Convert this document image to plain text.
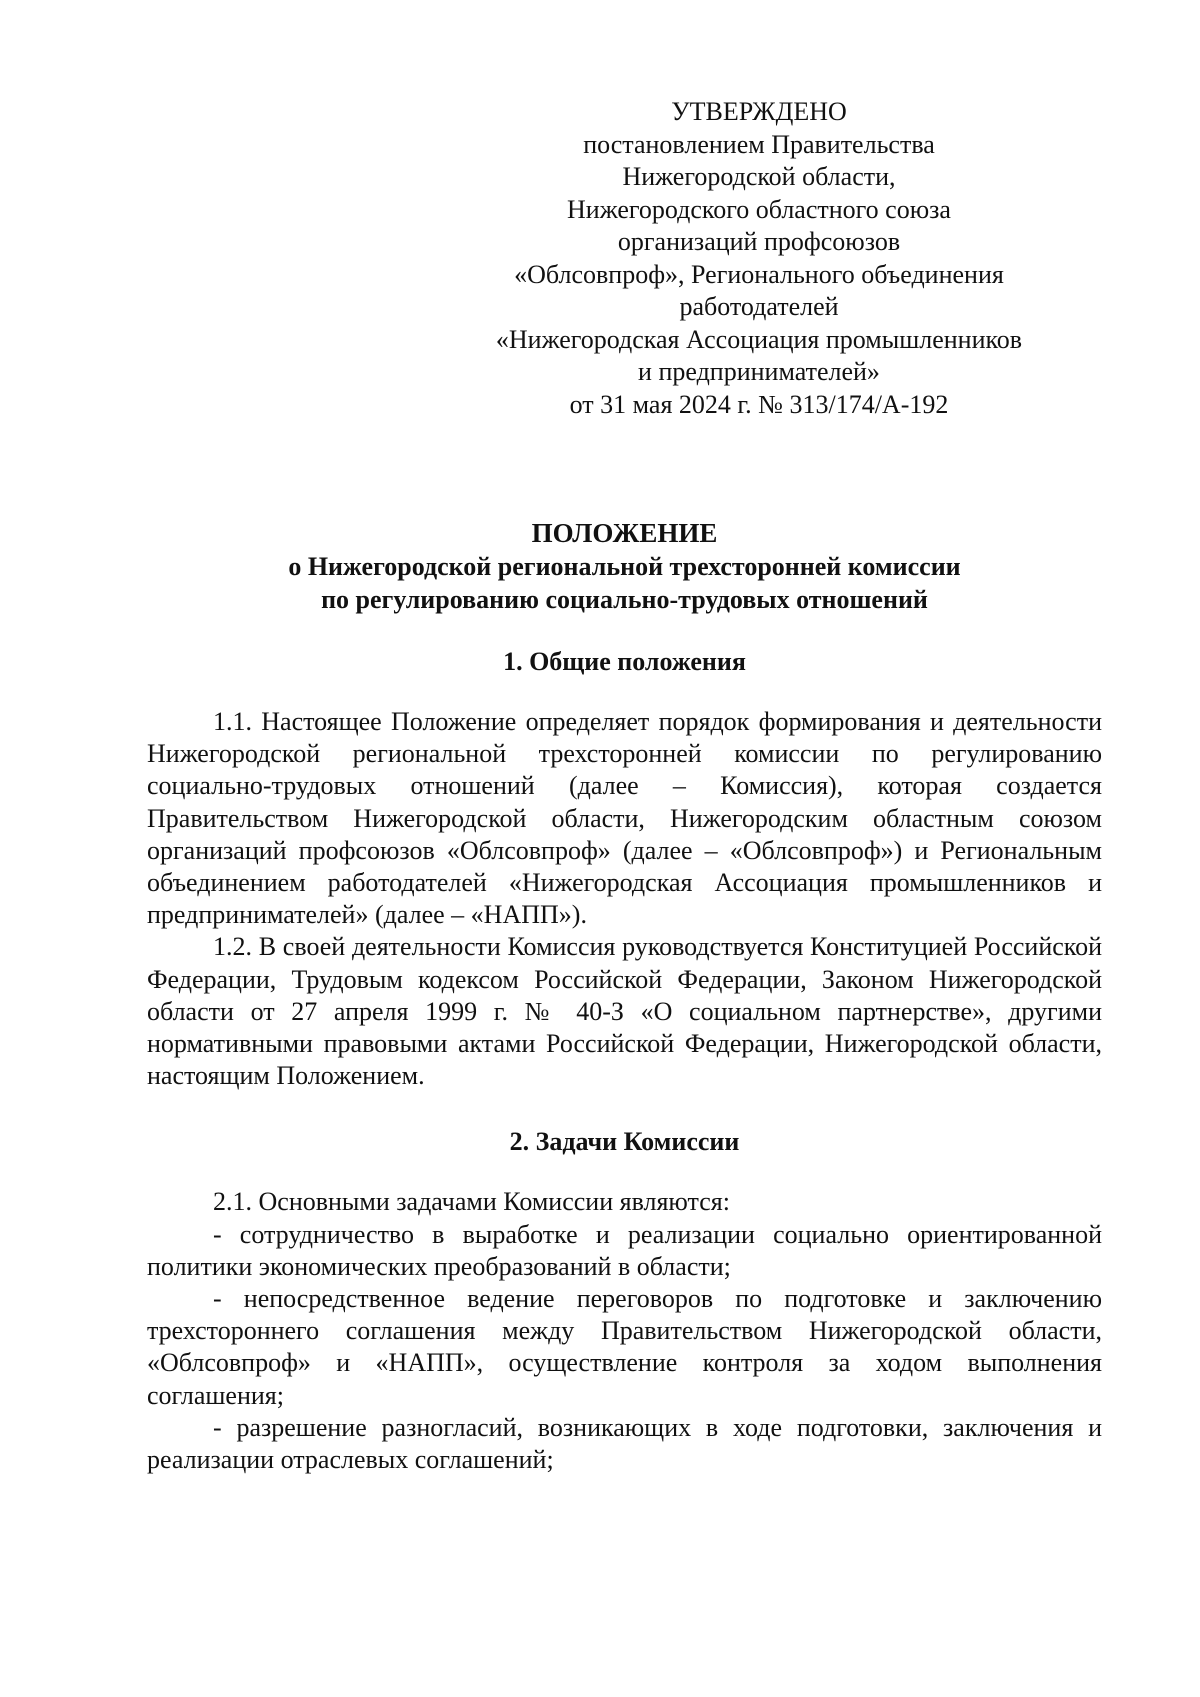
УТВЕРЖДЕНО
постановлением Правительства
Нижегородской области,
Нижегородского областного союза
организаций профсоюзов
«Облсовпроф», Регионального объединения
работодателей
«Нижегородская Ассоциация промышленников
и предпринимателей»
от 31 мая 2024 г. № 313/174/А-192
ПОЛОЖЕНИЕ
о Нижегородской региональной трехсторонней комиссии
по регулированию социально-трудовых отношений
1. Общие положения

1.1. Настоящее Положение определяет порядок формирования и деятельности Нижегородской региональной трехсторонней комиссии по регулированию социально-трудовых отношений (далее – Комиссия), которая создается Правительством Нижегородской области, Нижегородским областным союзом организаций профсоюзов «Облсовпроф» (далее – «Облсовпроф») и Региональным объединением работодателей «Нижегородская Ассоциация промышленников и предпринимателей» (далее – «НАПП»).

1.2. В своей деятельности Комиссия руководствуется Конституцией Российской Федерации, Трудовым кодексом Российской Федерации, Законом Нижегородской области от 27 апреля 1999 г. № 40-З «О социальном партнерстве», другими нормативными правовыми актами Российской Федерации, Нижегородской области, настоящим Положением.

2. Задачи Комиссии

2.1. Основными задачами Комиссии являются:

- сотрудничество в выработке и реализации социально ориентированной политики экономических преобразований в области;

- непосредственное ведение переговоров по подготовке и заключению трехстороннего соглашения между Правительством Нижегородской области, «Облсовпроф» и «НАПП», осуществление контроля за ходом выполнения соглашения;

- разрешение разногласий, возникающих в ходе подготовки, заключения и реализации отраслевых соглашений;
